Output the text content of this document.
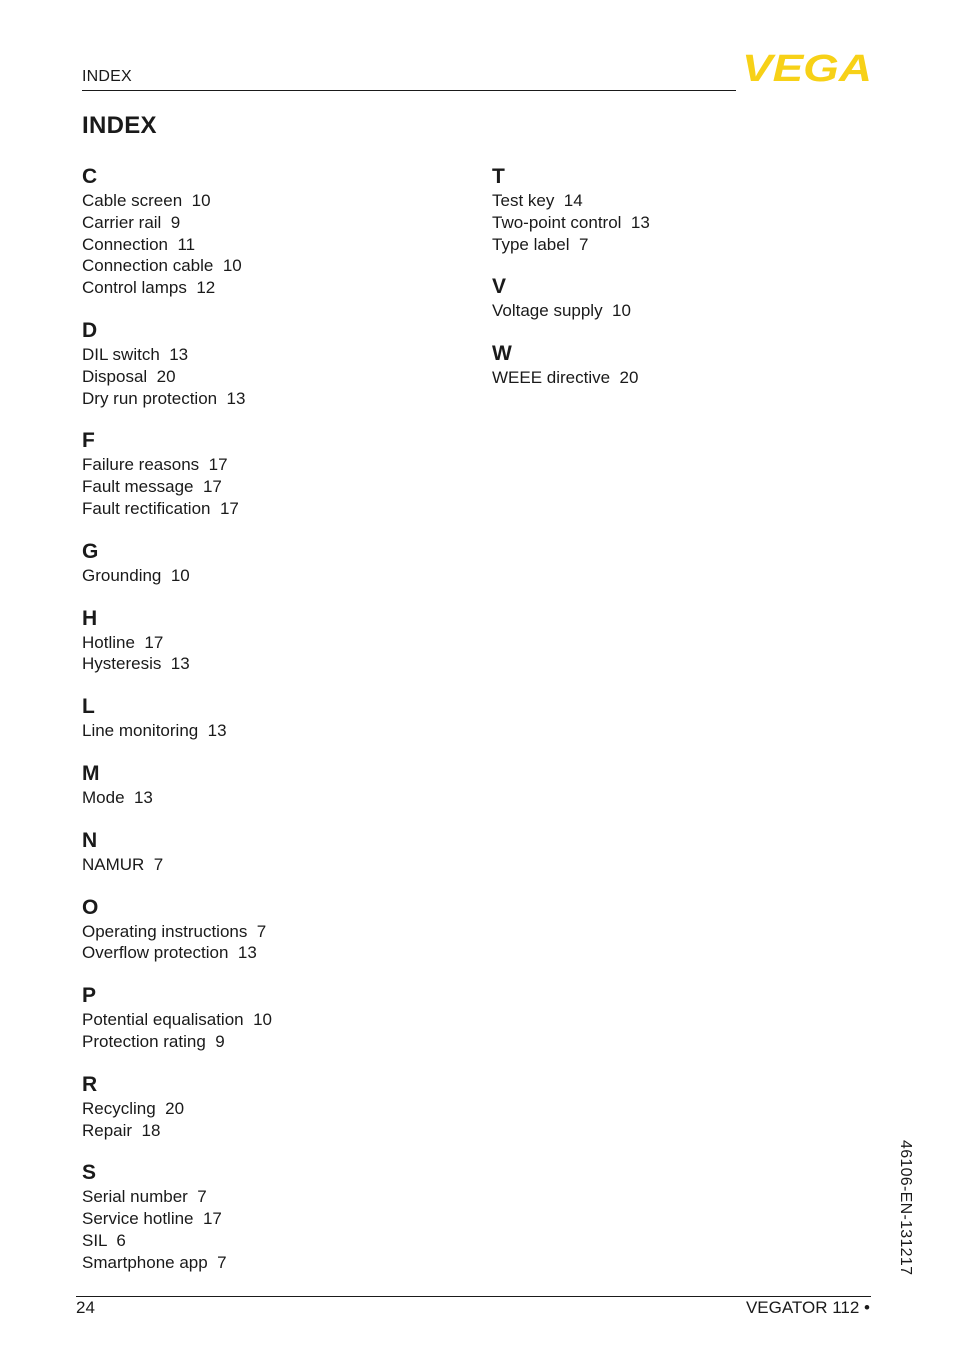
INDEX	VEGA
INDEX
C
Cable screen  10
Carrier rail  9
Connection  11
Connection cable  10
Control lamps  12
D
DIL switch  13
Disposal  20
Dry run protection  13
F
Failure reasons  17
Fault message  17
Fault rectification  17
G
Grounding  10
H
Hotline  17
Hysteresis  13
L
Line monitoring  13
M
Mode  13
N
NAMUR  7
O
Operating instructions  7
Overflow protection  13
P
Potential equalisation  10
Protection rating  9
R
Recycling  20
Repair  18
S
Serial number  7
Service hotline  17
SIL  6
Smartphone app  7
T
Test key  14
Two-point control  13
Type label  7
V
Voltage supply  10
W
WEEE directive  20
46106-EN-131217
24	VEGATOR 112 •
